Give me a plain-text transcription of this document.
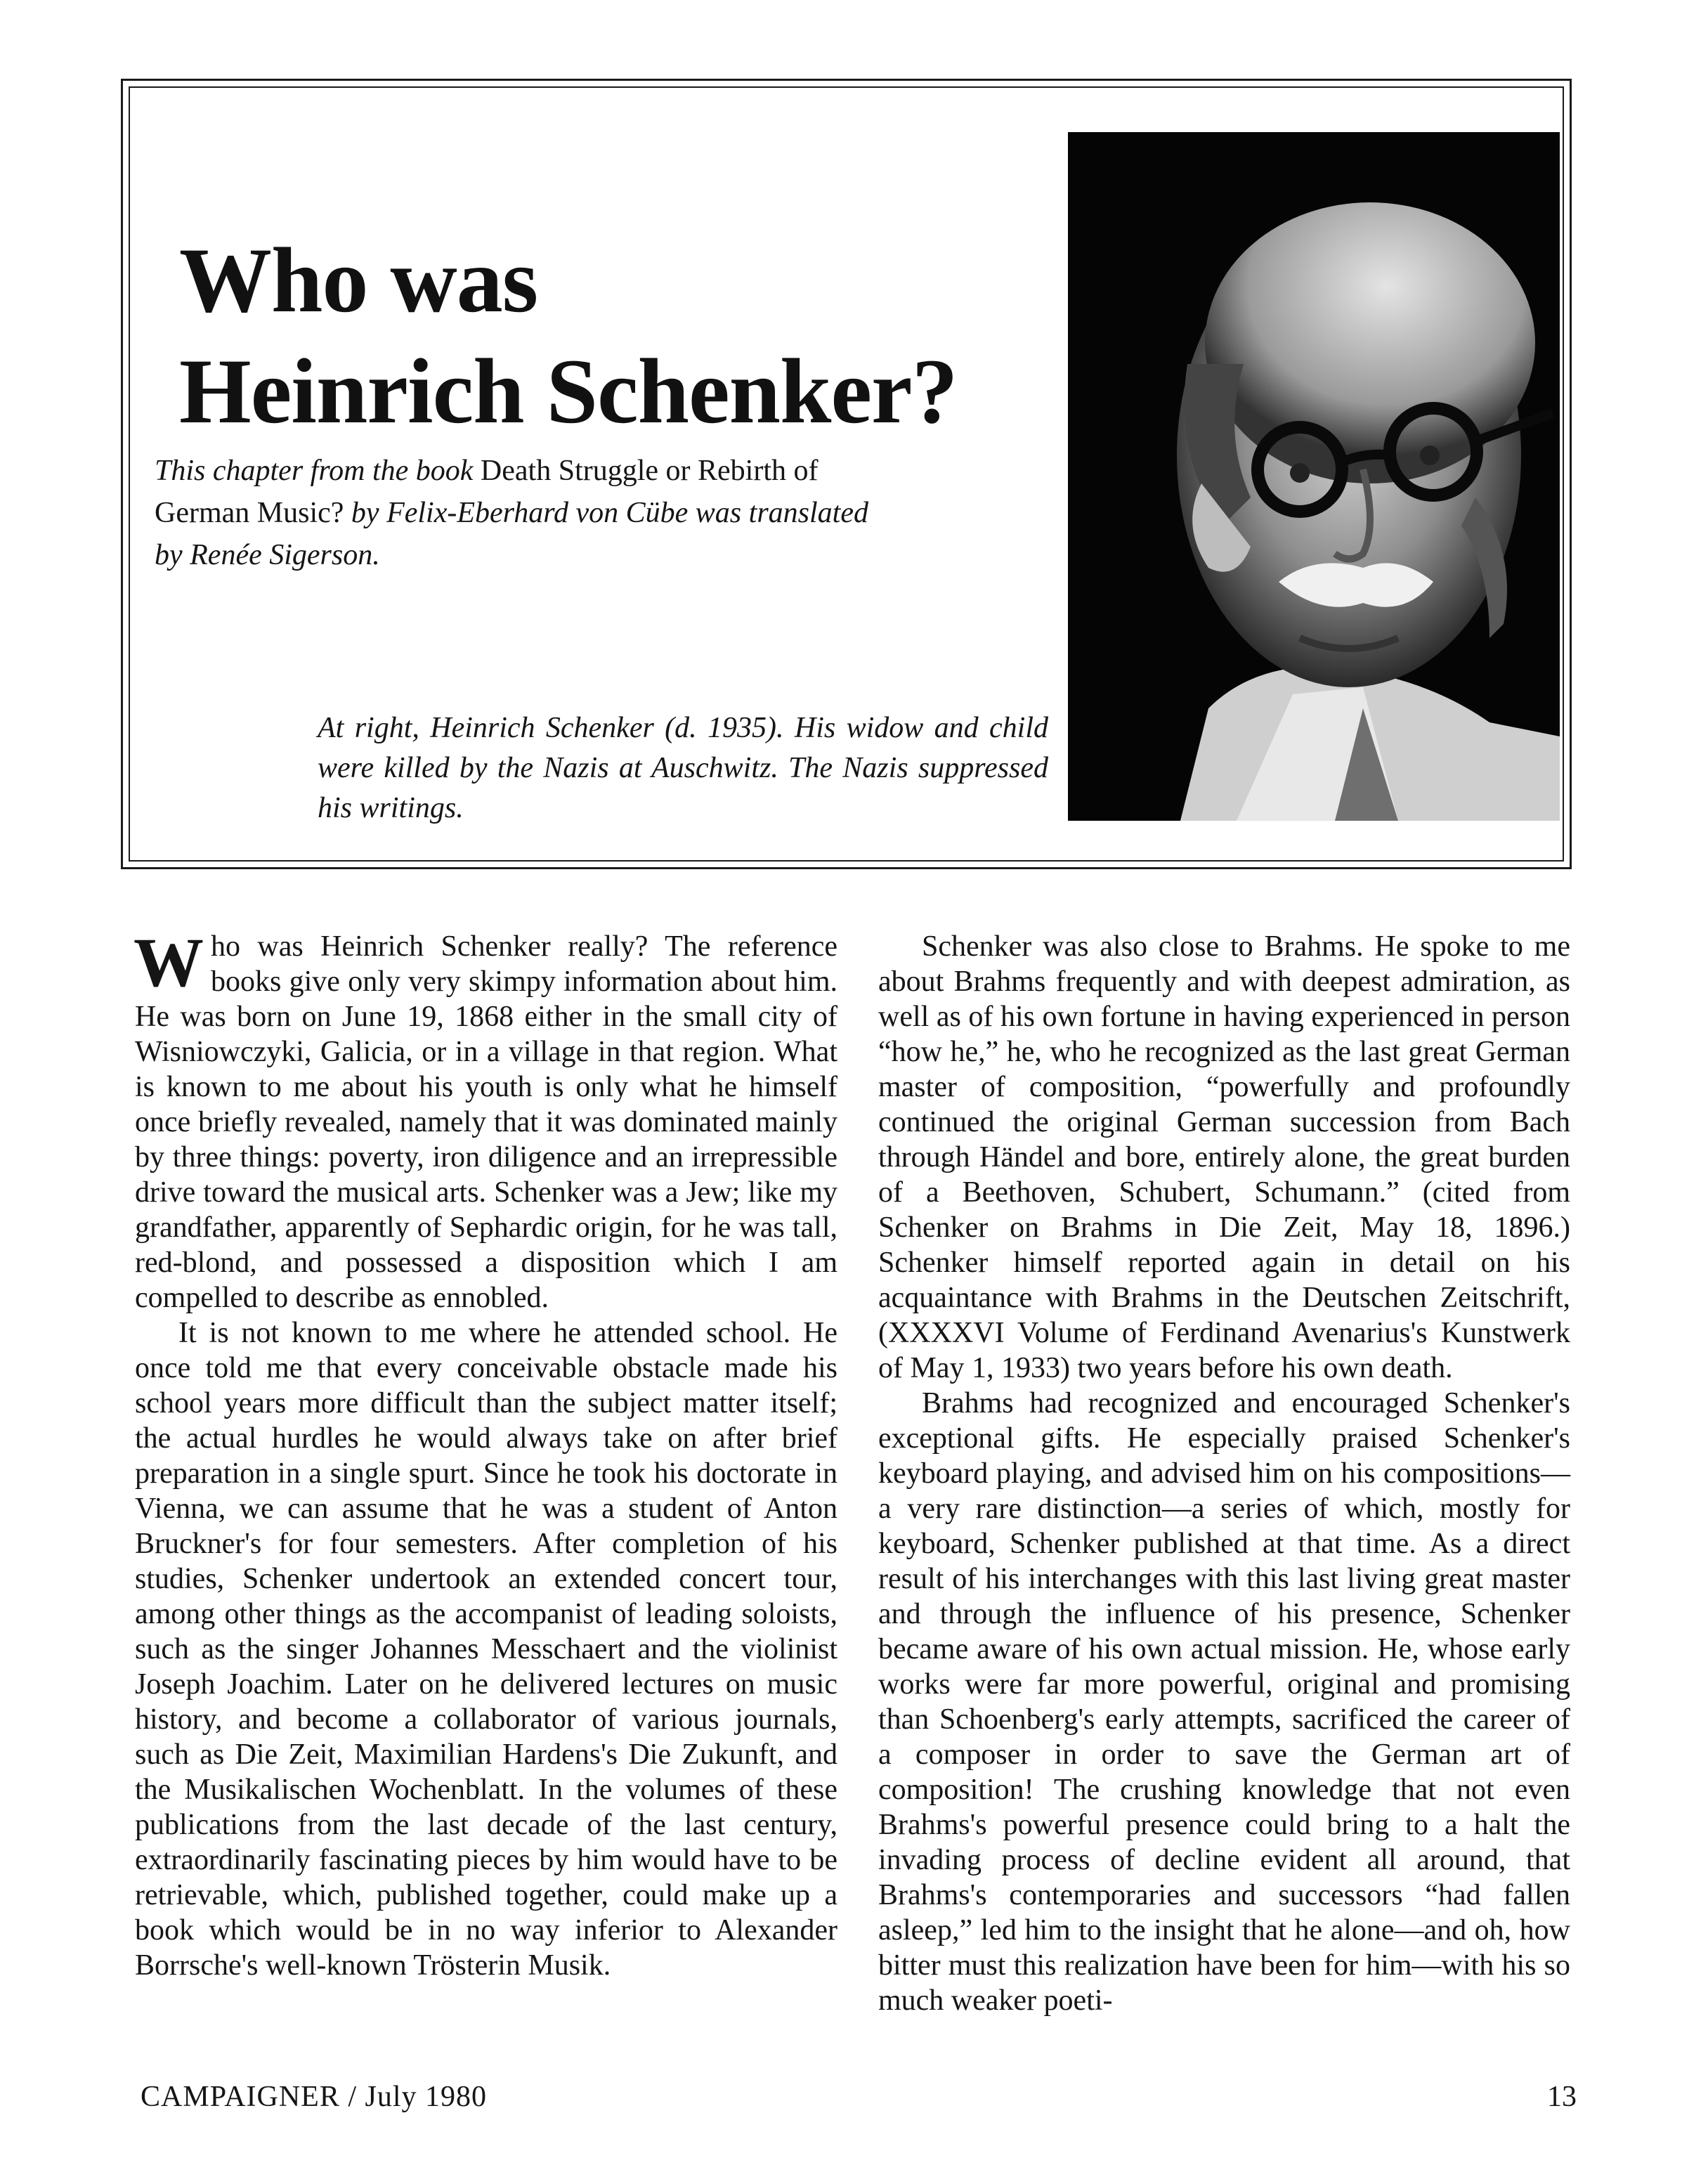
Who was
Heinrich Schenker?

This chapter from the book Death Struggle or Rebirth of German Music? by Felix-Eberhard von Cübe was translated by Renée Sigerson.

At right, Heinrich Schenker (d. 1935). His widow and child were killed by the Nazis at Auschwitz. The Nazis suppressed his writings.

Who was Heinrich Schenker really? The reference books give only very skimpy information about him. He was born on June 19, 1868 either in the small city of Wisniowczyki, Galicia, or in a village in that region. What is known to me about his youth is only what he himself once briefly revealed, namely that it was dominated mainly by three things: poverty, iron diligence and an irrepressible drive toward the musical arts. Schenker was a Jew; like my grandfather, apparently of Sephardic origin, for he was tall, red-blond, and possessed a disposition which I am compelled to describe as ennobled.

It is not known to me where he attended school. He once told me that every conceivable obstacle made his school years more difficult than the subject matter itself; the actual hurdles he would always take on after brief preparation in a single spurt. Since he took his doctorate in Vienna, we can assume that he was a student of Anton Bruckner's for four semesters. After completion of his studies, Schenker undertook an extended concert tour, among other things as the accompanist of leading soloists, such as the singer Johannes Messchaert and the violinist Joseph Joachim. Later on he delivered lectures on music history, and become a collaborator of various journals, such as Die Zeit, Maximilian Hardens's Die Zukunft, and the Musikalischen Wochenblatt. In the volumes of these publications from the last decade of the last century, extraordinarily fascinating pieces by him would have to be retrievable, which, published together, could make up a book which would be in no way inferior to Alexander Borrsche's well-known Trösterin Musik.

Schenker was also close to Brahms. He spoke to me about Brahms frequently and with deepest admiration, as well as of his own fortune in having experienced in person “how he,” he, who he recognized as the last great German master of composition, “powerfully and profoundly continued the original German succession from Bach through Händel and bore, entirely alone, the great burden of a Beethoven, Schubert, Schumann.” (cited from Schenker on Brahms in Die Zeit, May 18, 1896.) Schenker himself reported again in detail on his acquaintance with Brahms in the Deutschen Zeitschrift, (XXXXVI Volume of Ferdinand Avenarius's Kunstwerk of May 1, 1933) two years before his own death.

Brahms had recognized and encouraged Schenker's exceptional gifts. He especially praised Schenker's keyboard playing, and advised him on his compositions—a very rare distinction—a series of which, mostly for keyboard, Schenker published at that time. As a direct result of his interchanges with this last living great master and through the influence of his presence, Schenker became aware of his own actual mission. He, whose early works were far more powerful, original and promising than Schoenberg's early attempts, sacrificed the career of a composer in order to save the German art of composition! The crushing knowledge that not even Brahms's powerful presence could bring to a halt the invading process of decline evident all around, that Brahms's contemporaries and successors “had fallen asleep,” led him to the insight that he alone—and oh, how bitter must this realization have been for him—with his so much weaker poeti-

CAMPAIGNER / July 1980	13
